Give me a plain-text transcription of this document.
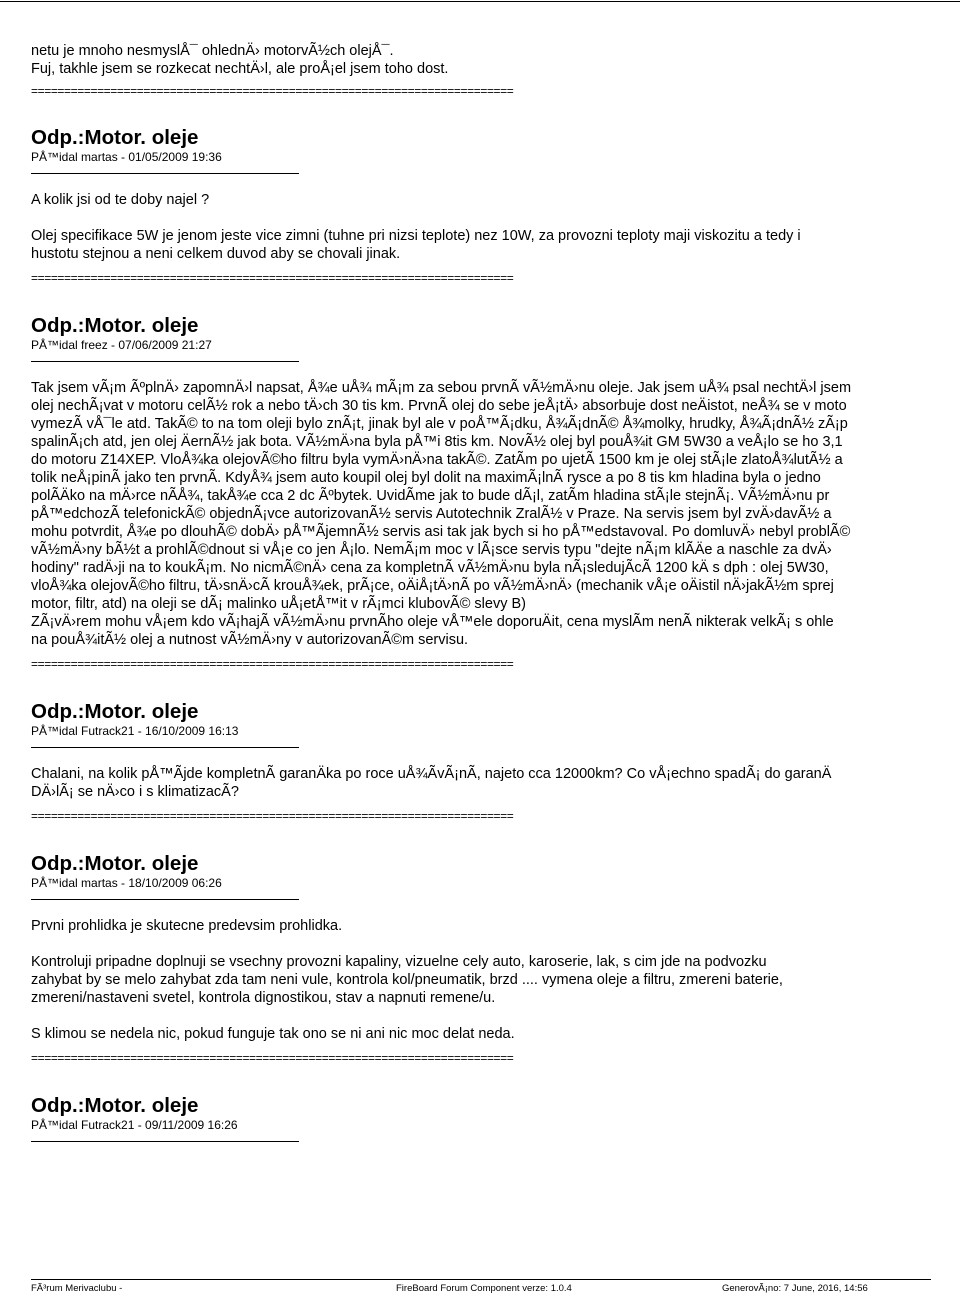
netu je mnoho nesmyslÅ¯ ohlednÄ› motorvÃ½ch olejÅ¯.

Fuj, takhle jsem se rozkecat nechtÄ›l, ale proÅ¡el jsem toho dost.

=========================================================================

Odp.:Motor. oleje

PÅ™idal martas - 01/05/2009 19:36

A kolik jsi od te doby najel ?

Olej specifikace 5W je jenom jeste vice zimni (tuhne pri nizsi teplote) nez 10W, za provozni teploty maji viskozitu a tedy i

hustotu stejnou a neni celkem duvod aby se chovali jinak.

=========================================================================

Odp.:Motor. oleje

PÅ™idal freez - 07/06/2009 21:27

Tak jsem vÃ¡m ÃºplnÄ› zapomnÄ›l napsat, Å¾e uÅ¾ mÃ¡m za sebou prvnÃ vÃ½mÄ›nu oleje. Jak jsem uÅ¾ psal nechtÄ›l jsem

olej nechÃ¡vat v motoru celÃ½ rok a nebo tÄ›ch 30 tis km. PrvnÃ olej do sebe jeÅ¡tÄ› absorbuje dost neÄistot, neÅ¾ se v moto

vymezÃ vÅ¯le atd. TakÃ© to na tom oleji bylo znÃ¡t, jinak byl ale v poÅ™Ã¡dku, Å¾Ã¡dnÃ© Å¾molky, hrudky, Å¾Ã¡dnÃ½ zÃ¡p

spalinÃ¡ch atd, jen olej ÄernÃ½ jak bota. VÃ½mÄ›na byla pÅ™i 8tis km. NovÃ½ olej byl pouÅ¾it GM 5W30 a veÅ¡lo se ho 3,1

do motoru Z14XEP. VloÅ¾ka olejovÃ©ho filtru byla vymÄ›nÄ›na takÃ©. ZatÃm po ujetÃ 1500 km je olej stÃ¡le zlatoÅ¾lutÃ½ a

tolik neÅ¡pinÃ jako ten prvnÃ. KdyÅ¾ jsem auto koupil olej byl dolit na maximÃ¡lnÃ rysce a po 8 tis km hladina byla o jedno

polÃÄko na mÄ›rce nÃÅ¾, takÅ¾e cca 2 dc Ãºbytek. UvidÃme jak to bude dÃ¡l, zatÃm hladina stÃ¡le stejnÃ¡. VÃ½mÄ›nu pr

pÅ™edchozÃ telefonickÃ© objednÃ¡vce autorizovanÃ½ servis Autotechnik ZralÃ½ v Praze. Na servis jsem byl zvÄ›davÃ½ a

mohu potvrdit, Å¾e po dlouhÃ© dobÄ› pÅ™ÃjemnÃ½ servis asi tak jak bych si ho pÅ™edstavoval. Po domluvÄ› nebyl problÃ©

vÃ½mÄ›ny bÃ½t a prohlÃ©dnout si vÅ¡e co jen Å¡lo. NemÃ¡m moc v lÃ¡sce servis typu "dejte nÃ¡m klÃÄe a naschle za dvÄ›

hodiny" radÄ›ji na to koukÃ¡m. No nicmÃ©nÄ› cena za kompletnÃ vÃ½mÄ›nu byla nÃ¡sledujÃcÃ 1200 kÄ s dph : olej 5W30,

vloÅ¾ka olejovÃ©ho filtru, tÄ›snÄ›cÃ krouÅ¾ek, prÃ¡ce, oÄiÅ¡tÄ›nÃ po vÃ½mÄ›nÄ› (mechanik vÅ¡e oÄistil nÄ›jakÃ½m sprej

motor, filtr, atd) na oleji se dÃ¡ malinko uÅ¡etÅ™it v rÃ¡mci klubovÃ© slevy B)

ZÃ¡vÄ›rem mohu vÅ¡em kdo vÃ¡hajÃ vÃ½mÄ›nu prvnÃho oleje vÅ™ele doporuÄit, cena myslÃm nenÃ nikterak velkÃ¡ s ohle

na pouÅ¾itÃ½ olej a nutnost vÃ½mÄ›ny v autorizovanÃ©m servisu.

=========================================================================

Odp.:Motor. oleje

PÅ™idal Futrack21 - 16/10/2009 16:13

Chalani, na kolik pÅ™Ãjde kompletnÃ garanÄka po roce uÅ¾ÃvÃ¡nÃ, najeto cca 12000km? Co vÅ¡echno spadÃ¡ do garanÄ

DÄ›lÃ¡ se nÄ›co i s klimatizacÃ?

=========================================================================

Odp.:Motor. oleje

PÅ™idal martas - 18/10/2009 06:26

Prvni prohlidka je skutecne predevsim prohlidka.

Kontroluji pripadne doplnuji se vsechny provozni kapaliny, vizuelne cely auto, karoserie, lak, s cim jde na podvozku

zahybat by se melo zahybat zda tam neni vule, kontrola kol/pneumatik, brzd .... vymena oleje a filtru, zmereni baterie,

zmereni/nastaveni svetel, kontrola dignostikou, stav a napnuti remene/u.

S klimou se nedela nic, pokud funguje tak ono se ni ani nic moc delat neda.

=========================================================================

Odp.:Motor. oleje

PÅ™idal Futrack21 - 09/11/2009 16:26

FÃ³rum Merivaclubu -	FireBoard Forum Component verze: 1.0.4	GenerovÃ¡no: 7 June, 2016, 14:56
